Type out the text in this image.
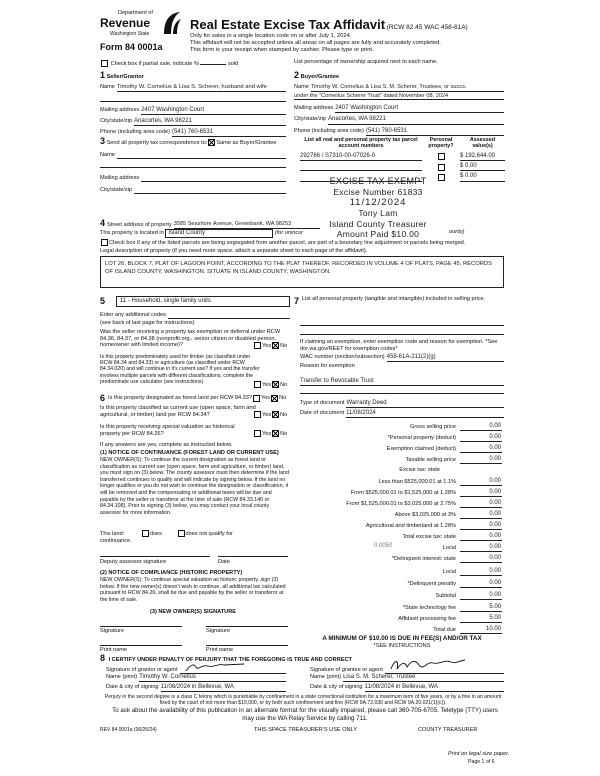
Department of
Revenue
Washington State
Form 84 0001a
Real Estate Excise Tax Affidavit (RCW 82.45 WAC 458-61A)
Only for sales in a single location code on or after July 1, 2024.
This affidavit will not be accepted unless all areas on all pages are fully and accurately completed.
This form is your receipt when stamped by cashier. Please type or print.
Check box if partial sale, indicate %	sold	List percentage of ownership acquired next to each name.
1 Seller/Grantor
Name Timothy W. Cornelius & Lisa S. Scherer, husband and wife
Mailing address 2407 Washington Court
City/state/zip Anacortes, WA 98221
Phone (including area code) (541) 760-6531
2 Buyer/Grantee
Name Timothy W. Cornelius & Lisa S. M. Scherer, Trustees, or succs.
under the "Cornelius Scherer Trust" dated November 08, 2024
Mailing address 2407 Washington Court
City/state/zip Anacortes, WA 98221
Phone (including area code) (541) 760-6531
3 Send all property tax correspondence to: Same as Buyer/Grantee
Name
Mailing address
City/state/zip
List all real and personal property tax parcel account numbers
Personal property?
Assessed value(s)
292766 / S7310-00-07026-0	$ 192,644.00
$ 0.00
$ 0.00
EXCISE TAX EXEMPT
Excise Number 61833
11/12/2024
Tony Lam
Island County Treasurer
Amount Paid $10.00
4 Street address of property 3585 Seashore Avenue, Greenbank, WA 98253
This property is located in Island County	(for unincor	ounty)
Check box if any of the listed parcels are being segregated from another parcel, are part of a boundary line adjustment or parcels being merged.
Legal description of property (if you need more space, attach a separate sheet to each page of the affidavit).
LOT 26, BLOCK 7, PLAT OF LAGOON POINT, ACCORDING TO THE PLAT THEREOF, RECORDED IN VOLUME 4 OF PLATS, PAGE 45, RECORDS OF ISLAND COUNTY, WASHINGTON. SITUATE IN ISLAND COUNTY, WASHINGTON.
5	11 - Household, single family units
Enter any additional codes
(see back of last page for instructions)
Was the seller receiving a property tax exemption or deferral under RCW 84.36, 84.37, or 84.38 (nonprofit org., senior citizen or disabled person, homeowner with limited income)?	Yes No
Is this property predominately used for timber (as classified under RCW 84.34 and 84.33) or agriculture (as classified under RCW 84.34.020) and will continue in it's current use? If yes and the transfer involves multiple parcels with different classifications, complete the predominate use calculator (see instructions)
Yes No
6 Is this property designated as forest land per RCW 84.33? Yes No
Is this property classified as current use (open space, farm and agricultural, or timber) land per RCW 84.34?	Yes No
Is this property receiving special valuation as historical property per RCW 84.26?	Yes No
If any answers are yes, complete as instructed below.
(1) NOTICE OF CONTINUANCE (FOREST LAND OR CURRENT USE)
NEW OWNER(S): To continue the current designation as forest land or classification as current use (open space, farm and agriculture, or timber) land, you must sign on (3) below. The county assessor must then determine if the land transferred continues to qualify and will indicate by signing below. If the land no longer qualifies or you do not wish to continue the designation or classification, it will be removed and the compensating or additional taxes will be due and payable by the seller or transferor at the time of sale (RCW 84.33.140 or 84.34.108). Prior to signing (3) below, you may contact your local county assessor for more information.
This land:	does	does not qualify for
continuance.
Deputy assessor signature	Date
(2) NOTICE OF COMPLIANCE (HISTORIC PROPERTY)
NEW OWNER(S): To continue special valuation as historic property, sign (3) below. If the new owner(s) doesn't wish to continue, all additional tax calculated pursuant to RCW 84.26, shall be due and payable by the seller or transferor at the time of sale.
(3) NEW OWNER(S) SIGNATURE
Signature	Signature
Print name	Print name
7 List all personal property (tangible and intangible) included in selling price.
If claiming an exemption, enter exemption code and reason for exemption. *See dor.wa.gov/REET for exemption codes*
WAC number (section/subsection) 458-61A-211(2)(g)
Reason for exemption
Transfer to Revocable Trust
Type of document Warranty Deed
Date of document 11/08/2024
Gross selling price	0.00
*Personal property (deduct)	0.00
Exemption claimed (deduct)	0.00
Taxable selling price	0.00
Excise tax: state
Less than $525,000.01 at 1.1%	0.00
From $525,000.01 to $1,525,000 at 1.28%	0.00
From $1,525,000.01 to $3,025,000 at 2.75%	0.00
Above $3,025,000 at 3%	0.00
Agricultural and timberland at 1.28%	0.00
Total excise tax: state	0.00
0.0050	Local	0.00
*Delinquent interest: state	0.00
Local	0.00
*Delinquent penalty	0.00
Subtotal	0.00
*State technology fee	5.00
Affidavit processing fee	5.00
Total due	10.00
A MINIMUM OF $10.00 IS DUE IN FEE(S) AND/OR TAX
*SEE INSTRUCTIONS
8 I CERTIFY UNDER PENALTY OF PERJURY THAT THE FOREGOING IS TRUE AND CORRECT
Signature of grantor or agent
Name (print) Timothy W. Cornelius
Date & city of signing 11/08/2024 in Bellevue, WA
Signature of grantee or agent
Name (print) Lisa S. M. Scherer, Trustee
Date & city of signing 11/08/2024 in Bellevue, WA
Perjury in the second degree is a class C felony which is punishable by confinement in a state correctional institution for a maximum term of five years, or by a fine in an amount fixed by the court of not more than $10,000, or by both such confinement and fine (RCW 9A.72.030 and RCW 9A.20.021(1)(c)).
To ask about the availability of this publication in an alternate format for the visually impaired, please call 360-705-6705. Teletype (TTY) users may use the WA Relay Service by calling 711.
REV 84 0001a (06/26/24)	THIS SPACE TREASURER'S USE ONLY	COUNTY TREASURER
Print on legal size paper.
Page 1 of 6
